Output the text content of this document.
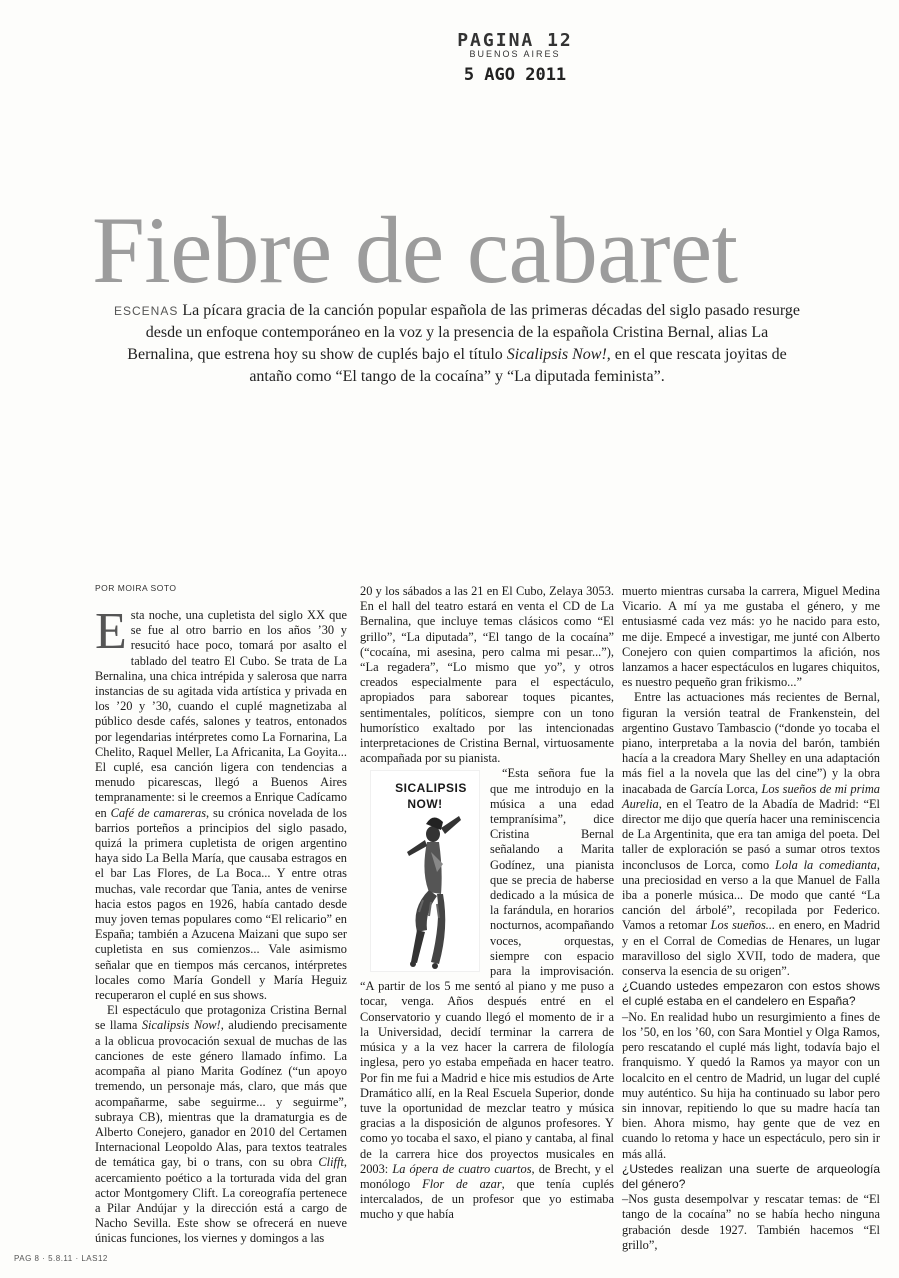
PAGINA 12
BUENOS AIRES
5 AGO 2011
Fiebre de cabaret
ESCENAS La pícara gracia de la canción popular española de las primeras décadas del siglo pasado resurge desde un enfoque contemporáneo en la voz y la presencia de la española Cristina Bernal, alias La Bernalina, que estrena hoy su show de cuplés bajo el título Sicalipsis Now!, en el que rescata joyitas de antaño como “El tango de la cocaína” y “La diputada feminista”.
POR MOIRA SOTO

Esta noche, una cupletista del siglo XX que se fue al otro barrio en los años ’30 y resucitó hace poco, tomará por asalto el tablado del teatro El Cubo. Se trata de La Bernalina, una chica intrépida y salerosa que narra instancias de su agitada vida artística y privada en los ’20 y ’30, cuando el cuplé magnetizaba al público desde cafés, salones y teatros, entonados por legendarias intérpretes como La Fornarina, La Chelito, Raquel Meller, La Africanita, La Goyita... El cuplé, esa canción ligera con tendencias a menudo picarescas, llegó a Buenos Aires tempranamente: si le creemos a Enrique Cadícamo en Café de camareras, su crónica novelada de los barrios porteños a principios del siglo pasado, quizá la primera cupletista de origen argentino haya sido La Bella María, que causaba estragos en el bar Las Flores, de La Boca... Y entre otras muchas, vale recordar que Tania, antes de venirse hacia estos pagos en 1926, había cantado desde muy joven temas populares como “El relicario” en España; también a Azucena Maizani que supo ser cupletista en sus comienzos... Vale asimismo señalar que en tiempos más cercanos, intérpretes locales como María Gondell y María Heguiz recuperaron el cuplé en sus shows.

El espectáculo que protagoniza Cristina Bernal se llama Sicalipsis Now!, aludiendo precisamente a la oblicua provocación sexual de muchas de las canciones de este género llamado ínfimo. La acompaña al piano Marita Godínez (“un apoyo tremendo, un personaje más, claro, que más que acompañarme, sabe seguirme... y seguirme”, subraya CB), mientras que la dramaturgia es de Alberto Conejero, ganador en 2010 del Certamen Internacional Leopoldo Alas, para textos teatrales de temática gay, bi o trans, con su obra Clifft, acercamiento poético a la torturada vida del gran actor Montgomery Clift. La coreografía pertenece a Pilar Andújar y la dirección está a cargo de Nacho Sevilla. Este show se ofrecerá en nueve únicas funciones, los viernes y domingos a las

20 y los sábados a las 21 en El Cubo, Zelaya 3053. En el hall del teatro estará en venta el CD de La Bernalina, que incluye temas clásicos como “El grillo”, “La diputada”, “El tango de la cocaína” (“cocaína, mi asesina, pero calma mi pesar...”), “La regadera”, “Lo mismo que yo”, y otros creados especialmente para el espectáculo, apropiados para saborear toques picantes, sentimentales, políticos, siempre con un tono humorístico exaltado por las intencionadas interpretaciones de Cristina Bernal, virtuosamente acompañada por su pianista.

SICALIPSIS NOW!
“Esta señora fue la que me introdujo en la música a una edad tempranísima”, dice Cristina Bernal señalando a Marita Godínez, una pianista que se precia de haberse dedicado a la música de la farándula, en horarios nocturnos, acompañando voces, orquestas, siempre con espacio para la improvisación. “A partir de los 5 me sentó al piano y me puso a tocar, venga. Años después entré en el Conservatorio y cuando llegó el momento de ir a la Universidad, decidí terminar la carrera de música y a la vez hacer la carrera de filología inglesa, pero yo estaba empeñada en hacer teatro. Por fin me fui a Madrid e hice mis estudios de Arte Dramático allí, en la Real Escuela Superior, donde tuve la oportunidad de mezclar teatro y música gracias a la disposición de algunos profesores. Y como yo tocaba el saxo, el piano y cantaba, al final de la carrera hice dos proyectos musicales en 2003: La ópera de cuatro cuartos, de Brecht, y el monólogo Flor de azar, que tenía cuplés intercalados, de un profesor que yo estimaba mucho y que había

muerto mientras cursaba la carrera, Miguel Medina Vicario. A mí ya me gustaba el género, y me entusiasmé cada vez más: yo he nacido para esto, me dije. Empecé a investigar, me junté con Alberto Conejero con quien compartimos la afición, nos lanzamos a hacer espectáculos en lugares chiquitos, es nuestro pequeño gran frikismo...”

Entre las actuaciones más recientes de Bernal, figuran la versión teatral de Frankenstein, del argentino Gustavo Tambascio (“donde yo tocaba el piano, interpretaba a la novia del barón, también hacía a la creadora Mary Shelley en una adaptación más fiel a la novela que las del cine”) y la obra inacabada de García Lorca, Los sueños de mi prima Aurelia, en el Teatro de la Abadía de Madrid: “El director me dijo que quería hacer una reminiscencia de La Argentinita, que era tan amiga del poeta. Del taller de exploración se pasó a sumar otros textos inconclusos de Lorca, como Lola la comedianta, una preciosidad en verso a la que Manuel de Falla iba a ponerle música... De modo que canté “La canción del árbolé”, recopilada por Federico. Vamos a retomar Los sueños... en enero, en Madrid y en el Corral de Comedias de Henares, un lugar maravilloso del siglo XVII, todo de madera, que conserva la esencia de su origen”.

¿Cuando ustedes empezaron con estos shows el cuplé estaba en el candelero en España?

–No. En realidad hubo un resurgimiento a fines de los ’50, en los ’60, con Sara Montiel y Olga Ramos, pero rescatando el cuplé más light, todavía bajo el franquismo. Y quedó la Ramos ya mayor con un localcito en el centro de Madrid, un lugar del cuplé muy auténtico. Su hija ha continuado su labor pero sin innovar, repitiendo lo que su madre hacía tan bien. Ahora mismo, hay gente que de vez en cuando lo retoma y hace un espectáculo, pero sin ir más allá.

¿Ustedes realizan una suerte de arqueología del género?

–Nos gusta desempolvar y rescatar temas: de “El tango de la cocaína” no se había hecho ninguna grabación desde 1927. También hacemos “El grillo”,

PAG 8 · 5.8.11 · LAS12
